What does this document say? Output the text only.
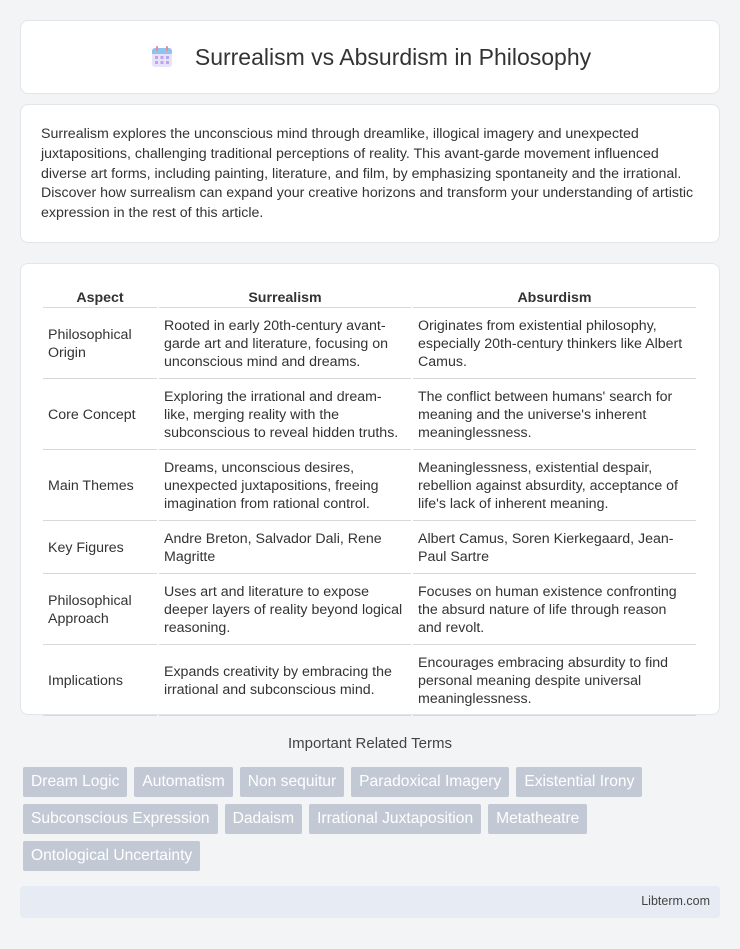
Surrealism vs Absurdism in Philosophy

Surrealism explores the unconscious mind through dreamlike, illogical imagery and unexpected juxtapositions, challenging traditional perceptions of reality. This avant-garde movement influenced diverse art forms, including painting, literature, and film, by emphasizing spontaneity and the irrational. Discover how surrealism can expand your creative horizons and transform your understanding of artistic expression in the rest of this article.

Aspect	Surrealism	Absurdism
Philosophical Origin	Rooted in early 20th-century avant-garde art and literature, focusing on unconscious mind and dreams.	Originates from existential philosophy, especially 20th-century thinkers like Albert Camus.
Core Concept	Exploring the irrational and dream-like, merging reality with the subconscious to reveal hidden truths.	The conflict between humans' search for meaning and the universe's inherent meaninglessness.
Main Themes	Dreams, unconscious desires, unexpected juxtapositions, freeing imagination from rational control.	Meaninglessness, existential despair, rebellion against absurdity, acceptance of life's lack of inherent meaning.
Key Figures	Andre Breton, Salvador Dali, Rene Magritte	Albert Camus, Soren Kierkegaard, Jean-Paul Sartre
Philosophical Approach	Uses art and literature to expose deeper layers of reality beyond logical reasoning.	Focuses on human existence confronting the absurd nature of life through reason and revolt.
Implications	Expands creativity by embracing the irrational and subconscious mind.	Encourages embracing absurdity to find personal meaning despite universal meaninglessness.
Important Related Terms
Dream Logic	Automatism	Non sequitur	Paradoxical Imagery	Existential Irony
Subconscious Expression	Dadaism	Irrational Juxtaposition	Metatheatre
Ontological Uncertainty
Libterm.com
